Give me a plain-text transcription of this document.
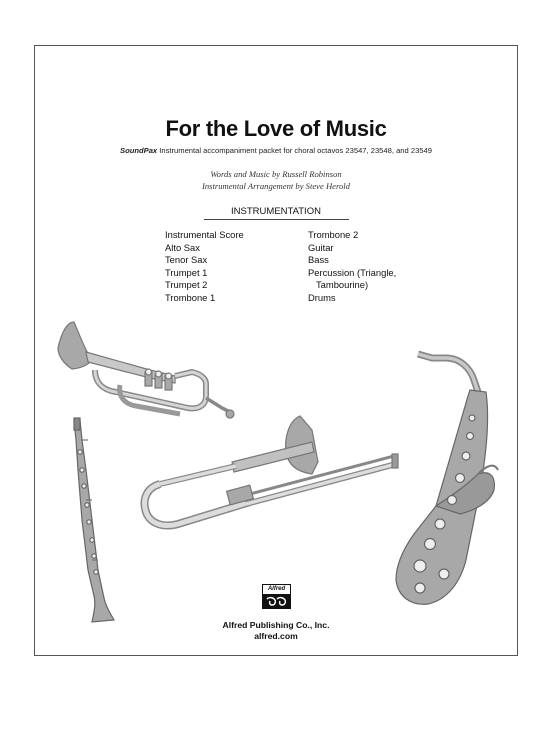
For the Love of Music
SoundPax Instrumental accompaniment packet for choral octavos 23547, 23548, and 23549
Words and Music by Russell Robinson
Instrumental Arrangement by Steve Herold
INSTRUMENTATION
Instrumental Score
Alto Sax
Tenor Sax
Trumpet 1
Trumpet 2
Trombone 1
Trombone 2
Guitar
Bass
Percussion (Triangle,
Tambourine)
Drums
Alfred
Alfred Publishing Co., Inc.
alfred.com
